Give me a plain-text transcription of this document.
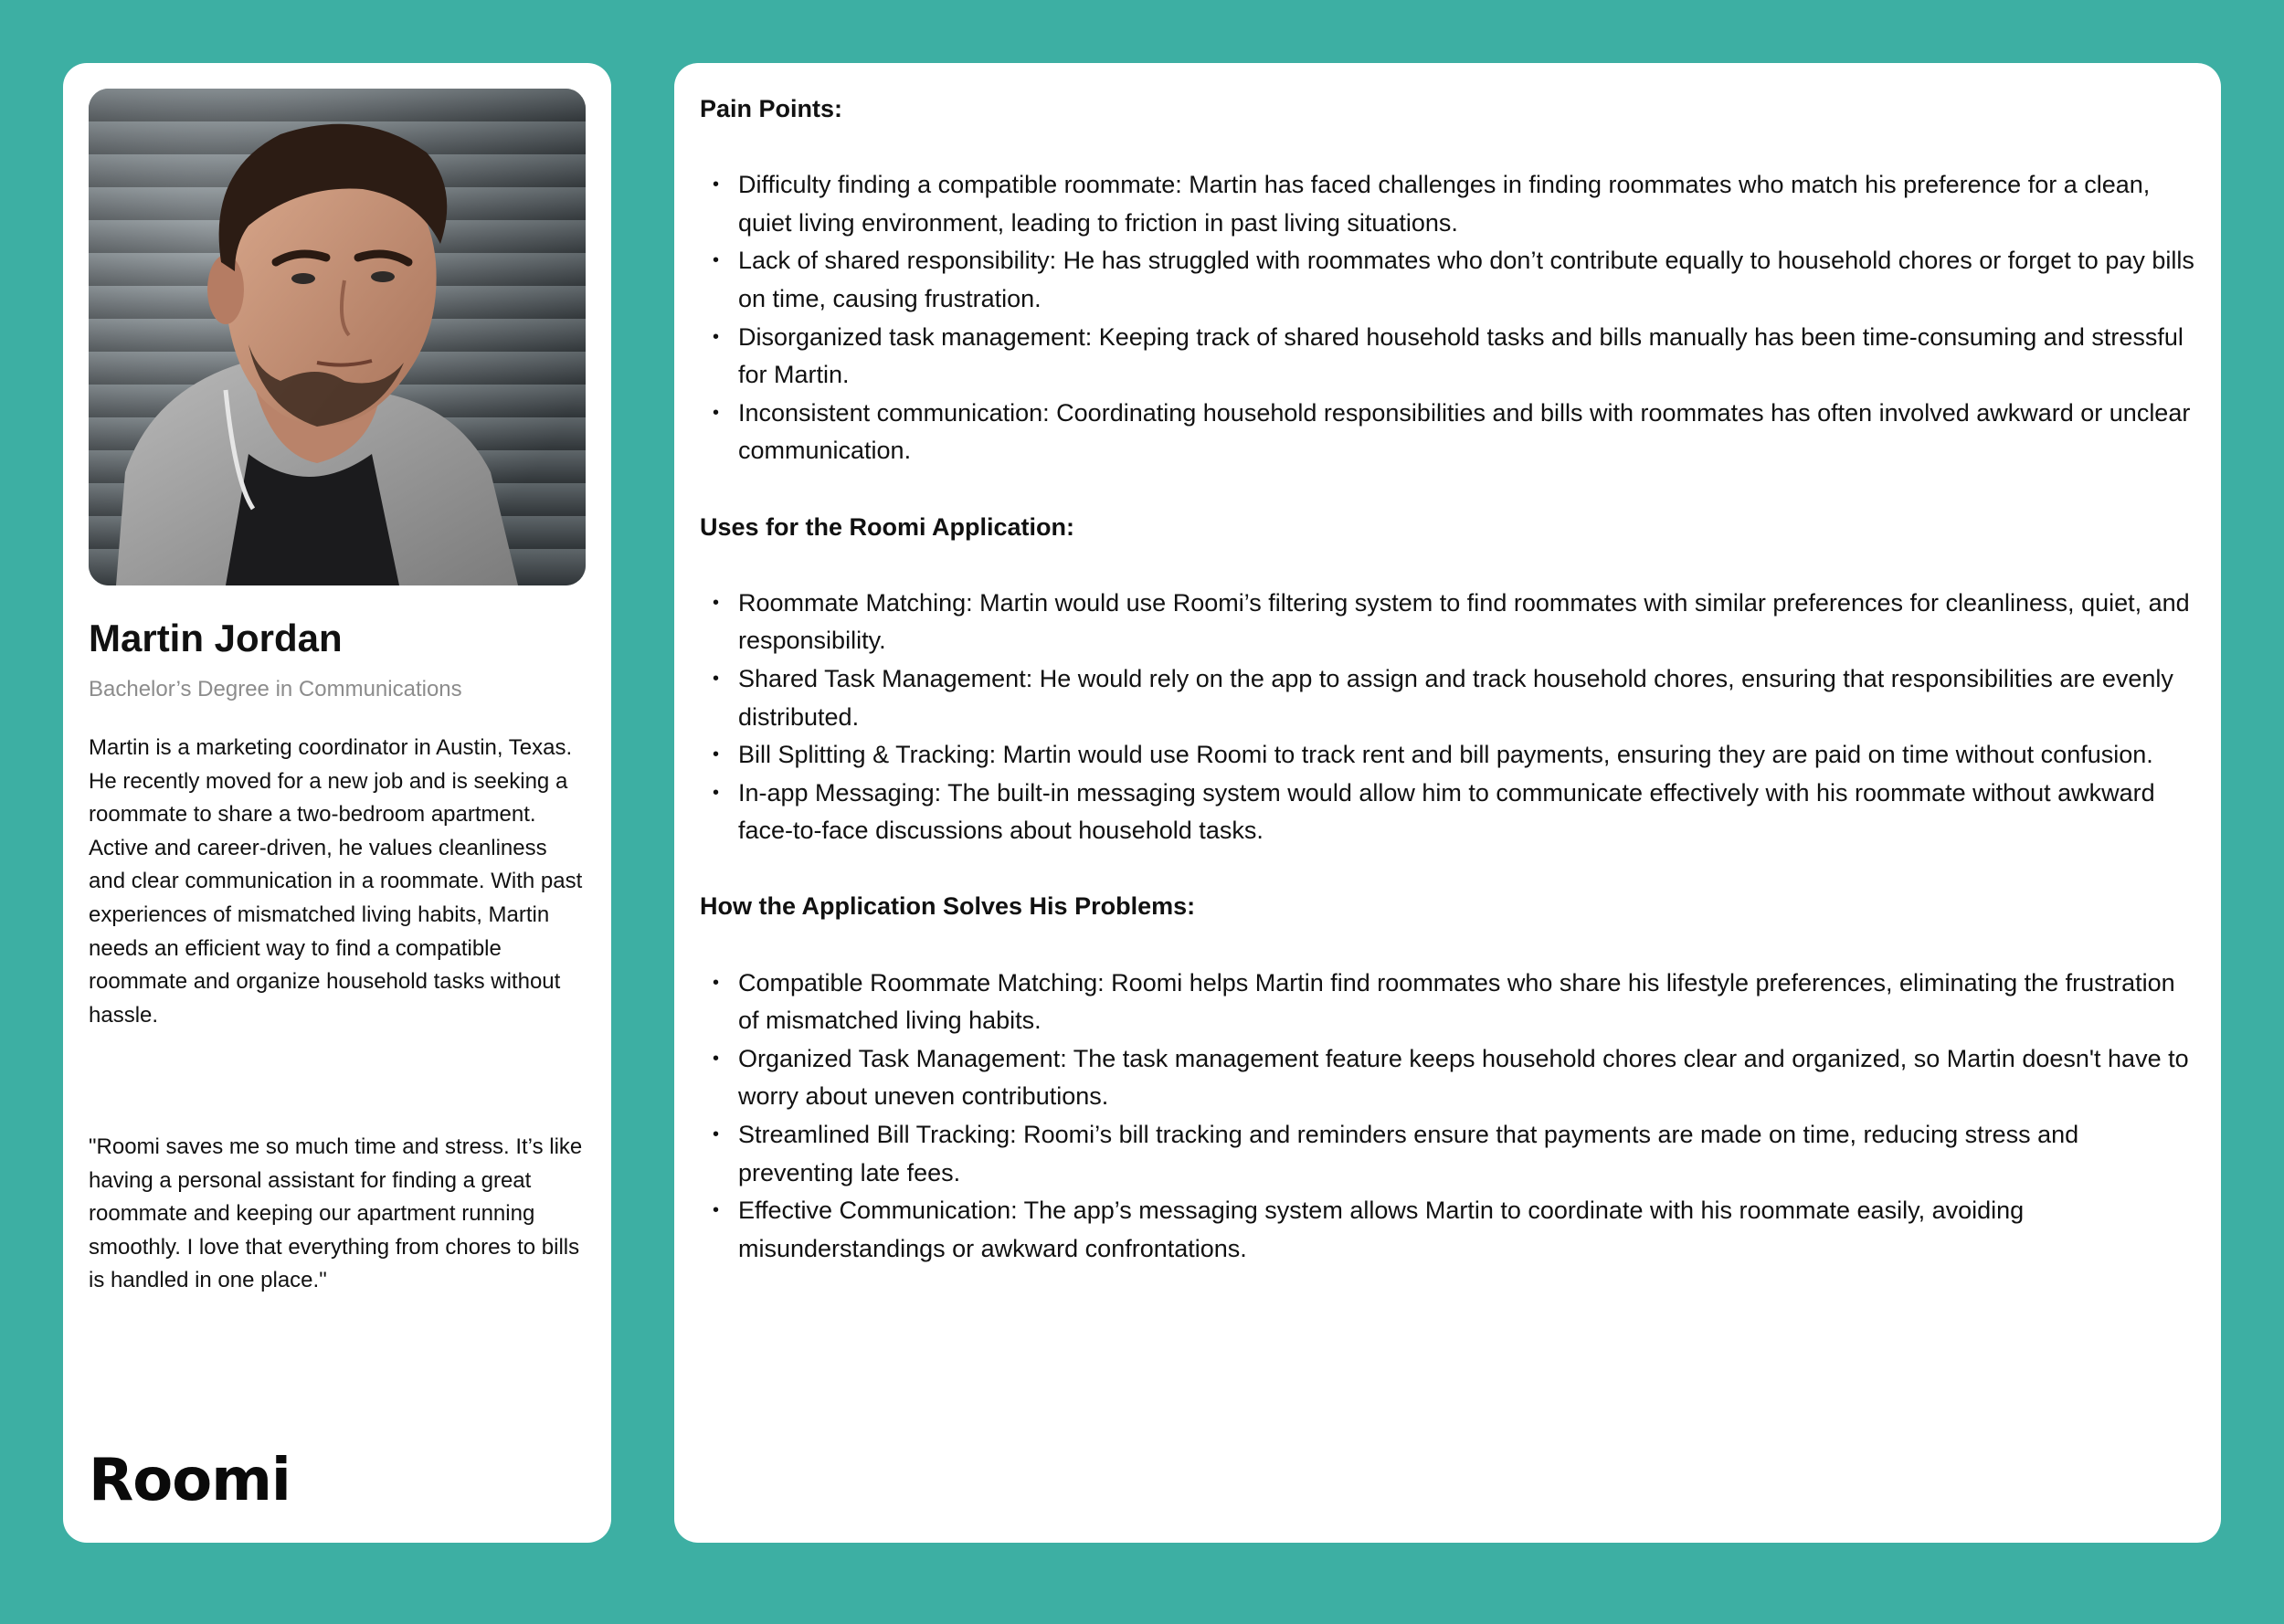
Martin Jordan

Bachelor’s Degree in Communications

Martin is a marketing coordinator in Austin, Texas. He recently moved for a new job and is seeking a roommate to share a two-bedroom apartment. Active and career-driven, he values cleanliness and clear communication in a roommate. With past experiences of mismatched living habits, Martin needs an efficient way to find a compatible roommate and organize household tasks without hassle.

"Roomi saves me so much time and stress. It’s like having a personal assistant for finding a great roommate and keeping our apartment running smoothly. I love that everything from chores to bills is handled in one place."

Roomi
Pain Points:
• Difficulty finding a compatible roommate: Martin has faced challenges in finding roommates who match his preference for a clean, quiet living environment, leading to friction in past living situations.
• Lack of shared responsibility: He has struggled with roommates who don’t contribute equally to household chores or forget to pay bills on time, causing frustration.
• Disorganized task management: Keeping track of shared household tasks and bills manually has been time-consuming and stressful for Martin.
• Inconsistent communication: Coordinating household responsibilities and bills with roommates has often involved awkward or unclear communication.
Uses for the Roomi Application:
• Roommate Matching: Martin would use Roomi’s filtering system to find roommates with similar preferences for cleanliness, quiet, and responsibility.
• Shared Task Management: He would rely on the app to assign and track household chores, ensuring that responsibilities are evenly distributed.
• Bill Splitting & Tracking: Martin would use Roomi to track rent and bill payments, ensuring they are paid on time without confusion.
• In-app Messaging: The built-in messaging system would allow him to communicate effectively with his roommate without awkward face-to-face discussions about household tasks.
How the Application Solves His Problems:
• Compatible Roommate Matching: Roomi helps Martin find roommates who share his lifestyle preferences, eliminating the frustration of mismatched living habits.
• Organized Task Management: The task management feature keeps household chores clear and organized, so Martin doesn't have to worry about uneven contributions.
• Streamlined Bill Tracking: Roomi’s bill tracking and reminders ensure that payments are made on time, reducing stress and preventing late fees.
• Effective Communication: The app’s messaging system allows Martin to coordinate with his roommate easily, avoiding misunderstandings or awkward confrontations.
